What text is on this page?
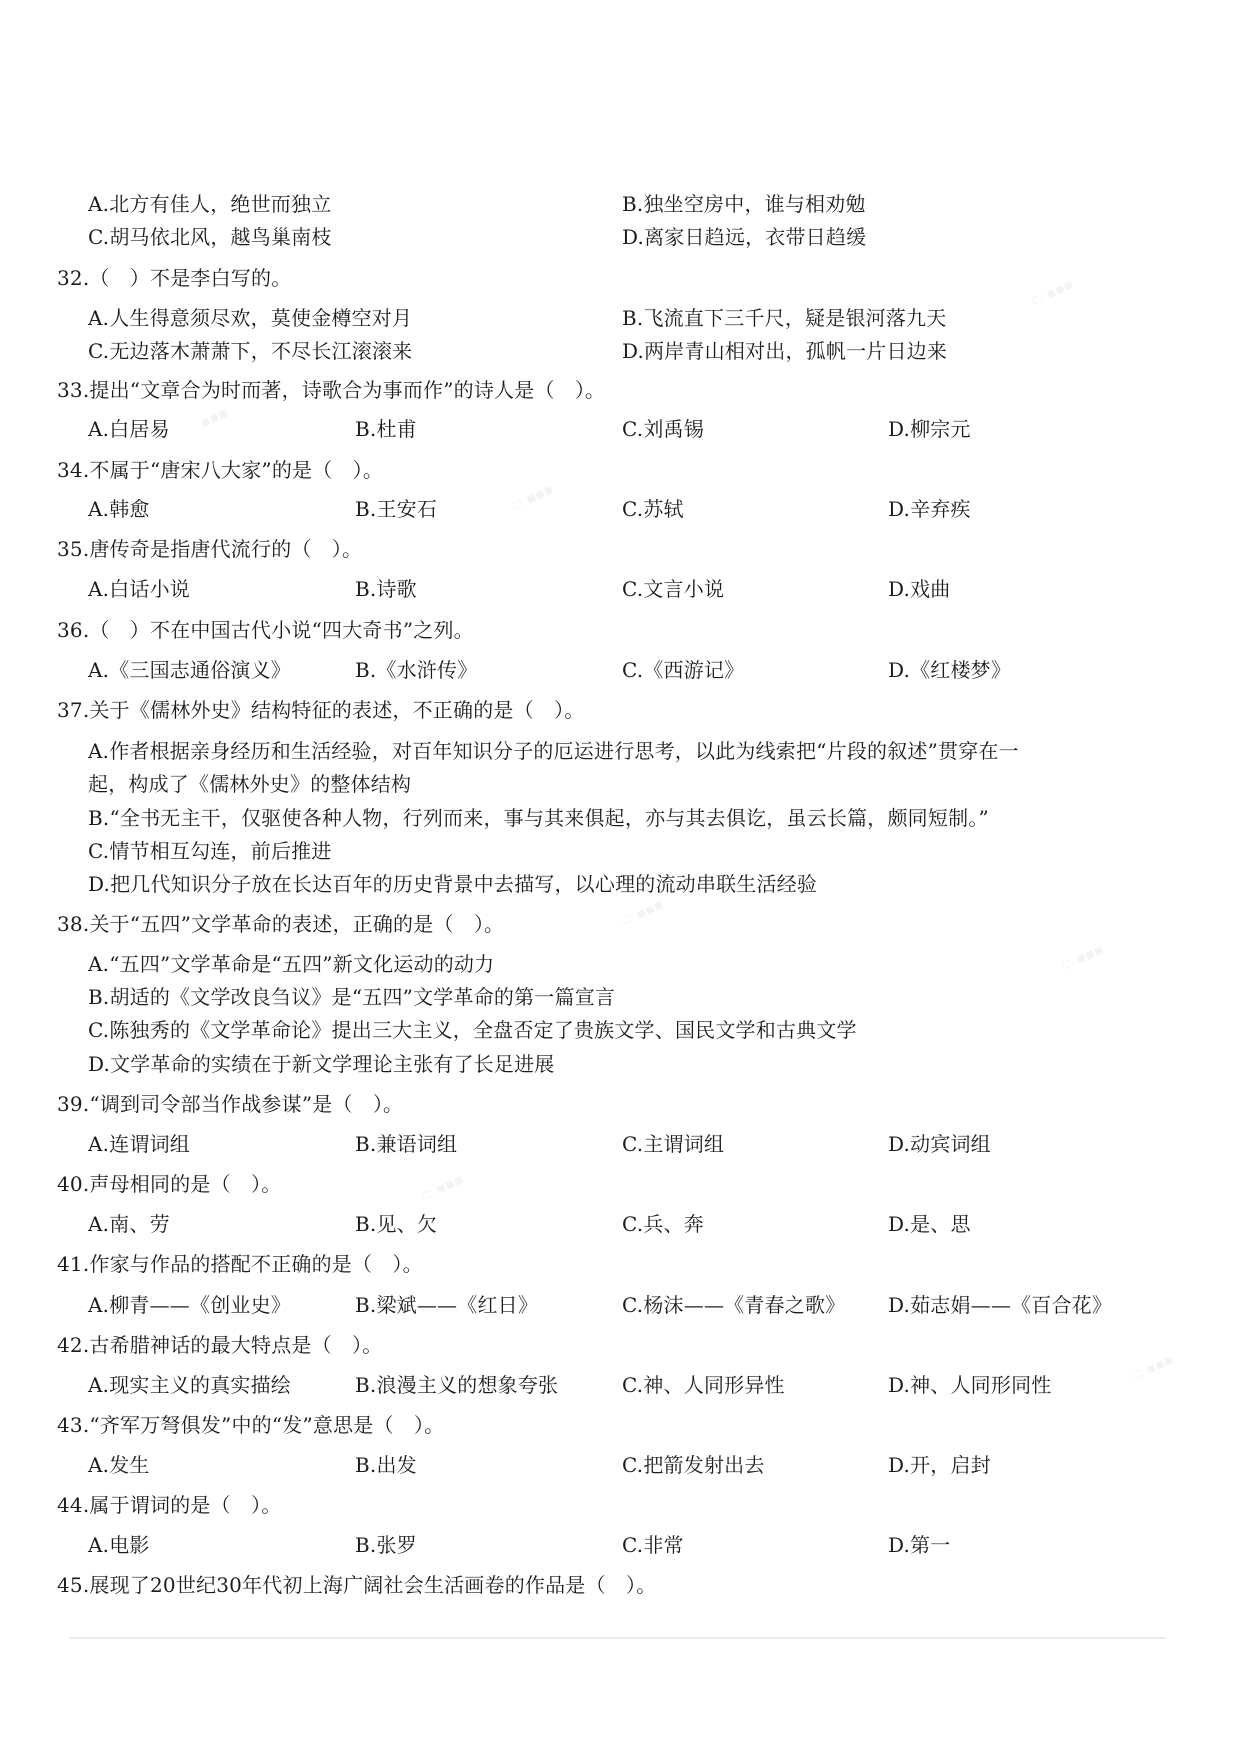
⬭ ▪▪▪
▪▪▪
⬭ ▪▪▪
⬭ ▪▪▪
⬭ ▪▪▪
⬭ ▪▪▪
⬭ ▪▪▪
A.北方有佳人，绝世而独立	B.独坐空房中，谁与相劝勉
C.胡马依北风，越鸟巢南枝	D.离家日趋远，衣带日趋缓
32.（　）不是李白写的。
A.人生得意须尽欢，莫使金樽空对月	B.飞流直下三千尺，疑是银河落九天
C.无边落木萧萧下，不尽长江滚滚来	D.两岸青山相对出，孤帆一片日边来
33.提出“文章合为时而著，诗歌合为事而作”的诗人是（　）。
A.白居易	B.杜甫	C.刘禹锡	D.柳宗元
34.不属于“唐宋八大家”的是（　）。
A.韩愈	B.王安石	C.苏轼	D.辛弃疾
35.唐传奇是指唐代流行的（　）。
A.白话小说	B.诗歌	C.文言小说	D.戏曲
36.（　）不在中国古代小说“四大奇书”之列。
A.《三国志通俗演义》	B.《水浒传》	C.《西游记》	D.《红楼梦》
37.关于《儒林外史》结构特征的表述，不正确的是（　）。
A.作者根据亲身经历和生活经验，对百年知识分子的厄运进行思考，以此为线索把“片段的叙述”贯穿在一
起，构成了《儒林外史》的整体结构
B.“全书无主干，仅驱使各种人物，行列而来，事与其来俱起，亦与其去俱讫，虽云长篇，颇同短制。”
C.情节相互勾连，前后推进
D.把几代知识分子放在长达百年的历史背景中去描写，以心理的流动串联生活经验
38.关于“五四”文学革命的表述，正确的是（　）。
A.“五四”文学革命是“五四”新文化运动的动力
B.胡适的《文学改良刍议》是“五四”文学革命的第一篇宣言
C.陈独秀的《文学革命论》提出三大主义，全盘否定了贵族文学、国民文学和古典文学
D.文学革命的实绩在于新文学理论主张有了长足进展
39.“调到司令部当作战参谋”是（　）。
A.连谓词组	B.兼语词组	C.主谓词组	D.动宾词组
40.声母相同的是（　）。
A.南、劳	B.见、欠	C.兵、奔	D.是、思
41.作家与作品的搭配不正确的是（　）。
A.柳青——《创业史》	B.梁斌——《红日》	C.杨沫——《青春之歌》 D.茹志娟——《百合花》
42.古希腊神话的最大特点是（　）。
A.现实主义的真实描绘	B.浪漫主义的想象夸张	C.神、人同形异性	D.神、人同形同性
43.“齐军万弩俱发”中的“发”意思是（　）。
A.发生	B.出发	C.把箭发射出去	D.开，启封
44.属于谓词的是（　）。
A.电影	B.张罗	C.非常	D.第一
45.展现了20世纪30年代初上海广阔社会生活画卷的作品是（　）。
